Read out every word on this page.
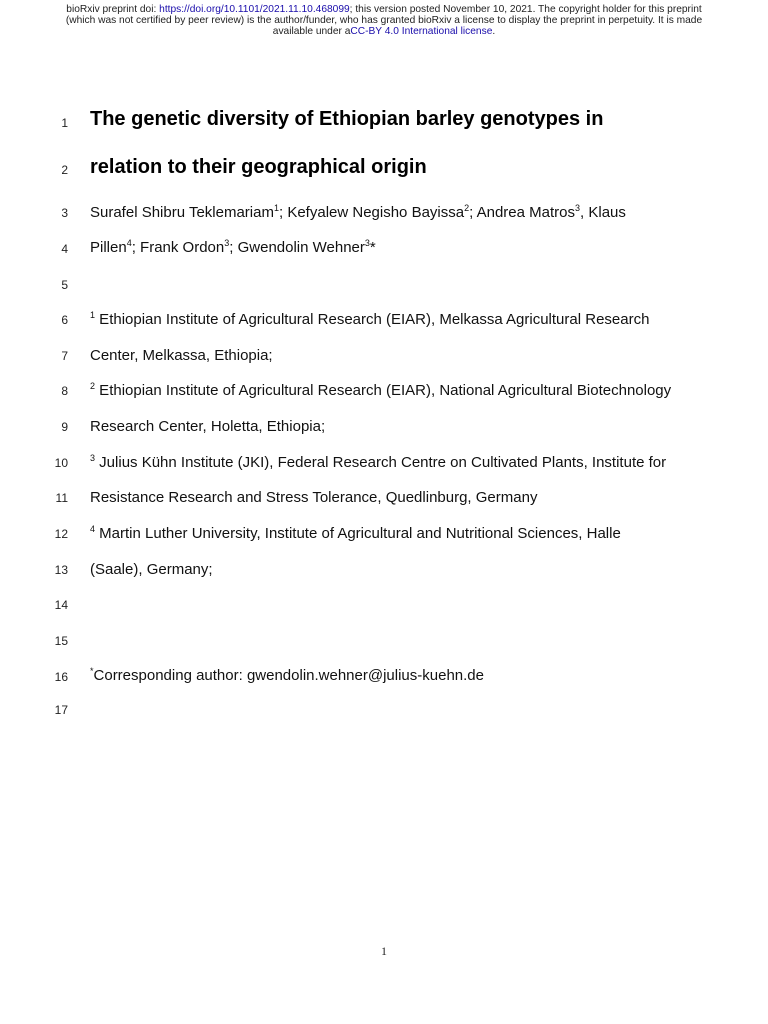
bioRxiv preprint doi: https://doi.org/10.1101/2021.11.10.468099; this version posted November 10, 2021. The copyright holder for this preprint
(which was not certified by peer review) is the author/funder, who has granted bioRxiv a license to display the preprint in perpetuity. It is made
available under aCC-BY 4.0 International license.
1
2
3
4
5
6
7
8
9
10
11
12
13
14
15
16
17
The genetic diversity of Ethiopian barley genotypes in
relation to their geographical origin
Surafel Shibru Teklemariam$^1$; Kefyalew Negisho Bayissa$^2$; Andrea Matros$^3$, Klaus
Pillen$^4$; Frank Ordon$^3$; Gwendolin Wehner$^3$*
$^1$ Ethiopian Institute of Agricultural Research (EIAR), Melkassa Agricultural Research
Center, Melkassa, Ethiopia;
$^2$ Ethiopian Institute of Agricultural Research (EIAR), National Agricultural Biotechnology
Research Center, Holetta, Ethiopia;
$^3$ Julius Kühn Institute (JKI), Federal Research Centre on Cultivated Plants, Institute for
Resistance Research and Stress Tolerance, Quedlinburg, Germany
$^4$ Martin Luther University, Institute of Agricultural and Nutritional Sciences, Halle
(Saale), Germany;
*Corresponding author: gwendolin.wehner@julius-kuehn.de
1
